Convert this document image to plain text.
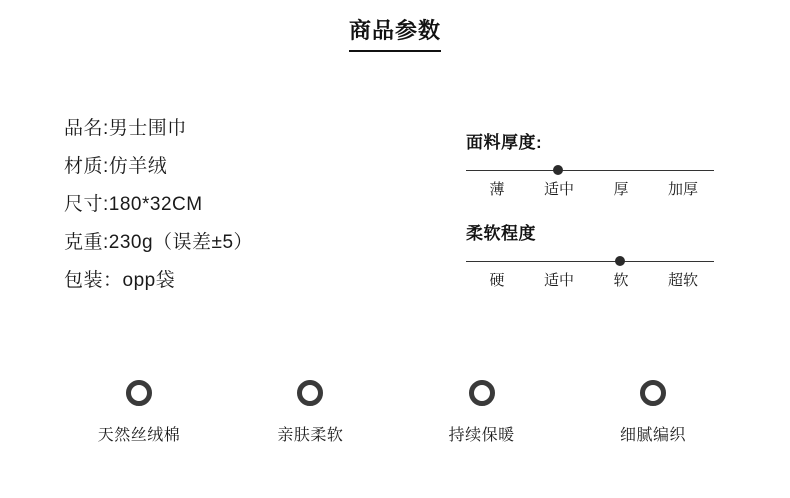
商品参数
品名:男士围巾
材质:仿羊绒
尺寸:180*32CM
克重:230g（误差±5）
包装：opp袋
面料厚度:
薄	适中	厚	加厚
柔软程度
硬	适中	软	超软
天然丝绒棉	亲肤柔软	持续保暖	细腻编织
